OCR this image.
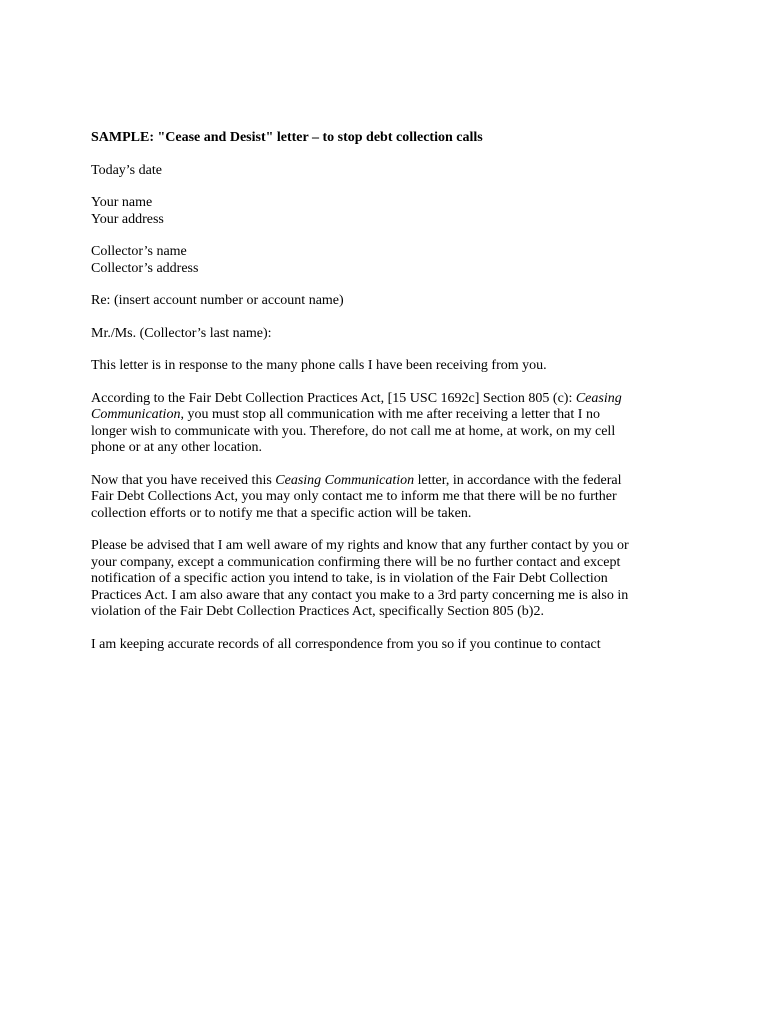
SAMPLE: "Cease and Desist" letter – to stop debt collection calls
Today’s date
Your name
Your address
Collector’s name
Collector’s address
Re: (insert account number or account name)
Mr./Ms. (Collector’s last name):
This letter is in response to the many phone calls I have been receiving from you.
According to the Fair Debt Collection Practices Act, [15 USC 1692c] Section 805 (c): Ceasing
Communication, you must stop all communication with me after receiving a letter that I no
longer wish to communicate with you. Therefore, do not call me at home, at work, on my cell
phone or at any other location.
Now that you have received this Ceasing Communication letter, in accordance with the federal
Fair Debt Collections Act, you may only contact me to inform me that there will be no further
collection efforts or to notify me that a specific action will be taken.
Please be advised that I am well aware of my rights and know that any further contact by you or
your company, except a communication confirming there will be no further contact and except
notification of a specific action you intend to take, is in violation of the Fair Debt Collection
Practices Act. I am also aware that any contact you make to a 3rd party concerning me is also in
violation of the Fair Debt Collection Practices Act, specifically Section 805 (b)2.
I am keeping accurate records of all correspondence from you so if you continue to contact
